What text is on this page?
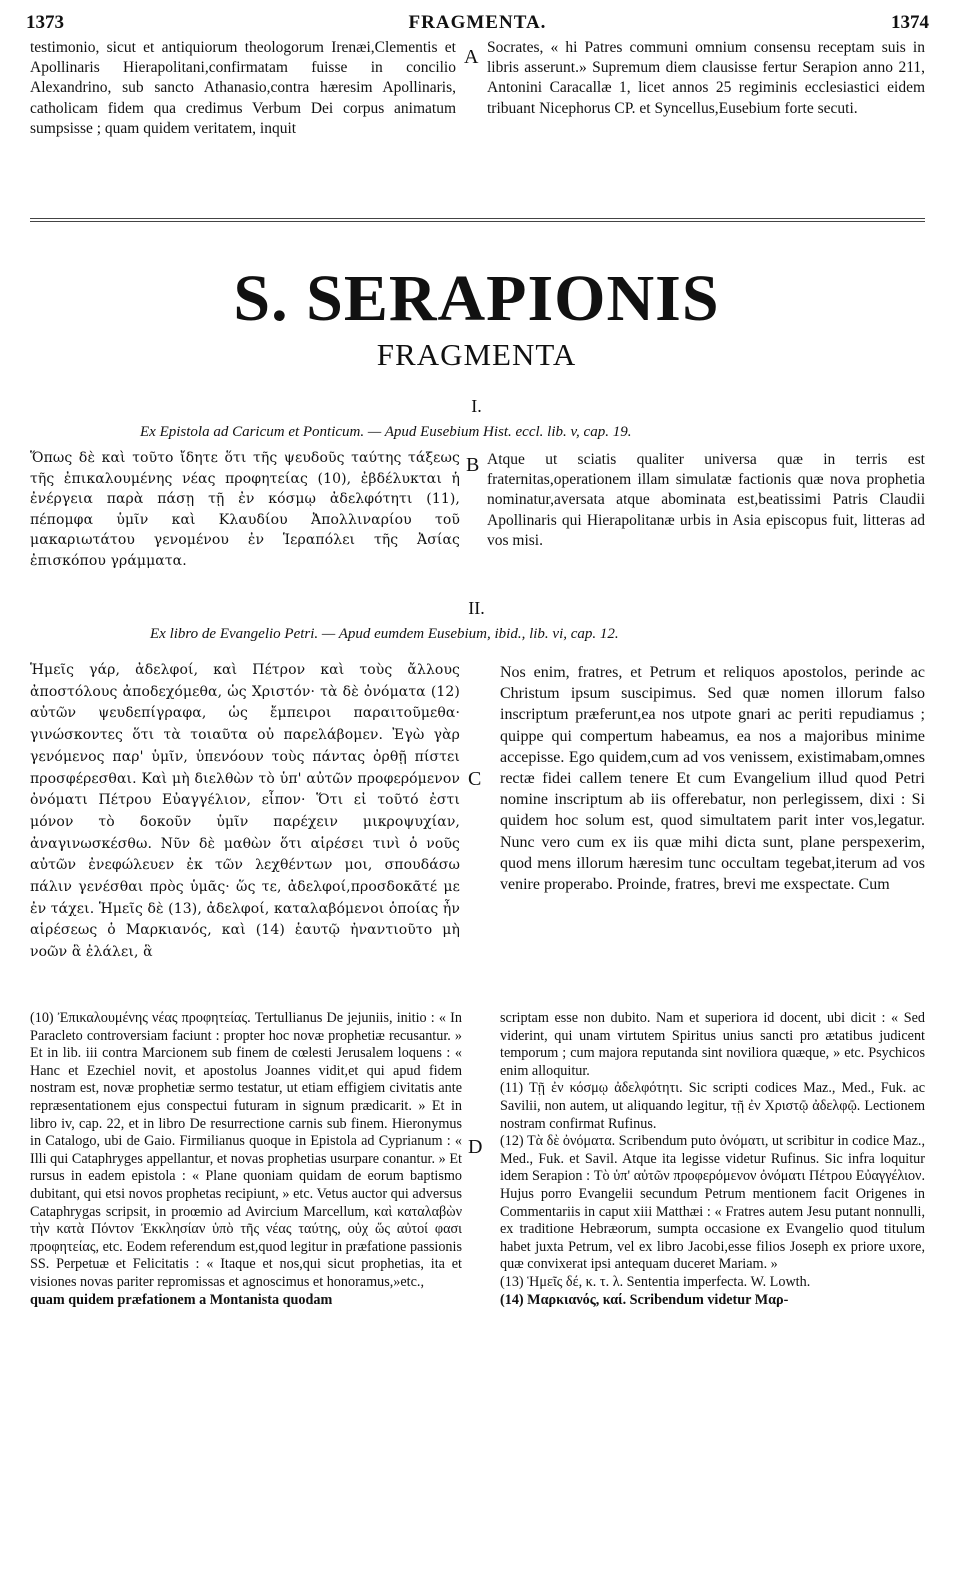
1373	FRAGMENTA.	1374

testimonio, sicut et antiquiorum theologorum Irenæi,Clementis et Apollinaris Hierapolitani,confirmatam fuisse in concilio Alexandrino, sub sancto Athanasio,contra hæresim Apollinaris, catholicam fidem qua credimus Verbum Dei corpus animatum sumpsisse ; quam quidem veritatem, inquit

A Socrates, « hi Patres communi omnium consensu receptam suis in libris asserunt.» Supremum diem clausisse fertur Serapion anno 211, Antonini Caracallæ 1, licet annos 25 regiminis ecclesiastici eidem tribuant Nicephorus CP. et Syncellus,Eusebium forte secuti.

S. SERAPIONIS
FRAGMENTA
I.
Ex Epistola ad Caricum et Ponticum. — Apud Eusebium Hist. eccl. lib. v, cap. 19.

Ὅπως δὲ καὶ τοῦτο ἴδητε ὅτι τῆς ψευδοῦς ταύτης τάξεως τῆς ἐπικαλουμένης νέας προφητείας (10), ἐβδέλυκται ἡ ἐνέργεια παρὰ πάσῃ τῇ ἐν κόσμῳ ἀδελφότητι (11), πέπομφα ὑμῖν καὶ Κλαυδίου Ἀπολλιναρίου τοῦ μακαριωτάτου γενομένου ἐν Ἱεραπόλει τῆς Ἀσίας ἐπισκόπου γράμματα.

B Atque ut sciatis qualiter universa quæ in terris est fraternitas,operationem illam simulatæ factionis quæ nova prophetia nominatur,aversata atque abominata est,beatissimi Patris Claudii Apollinaris qui Hierapolitanæ urbis in Asia episcopus fuit, litteras ad vos misi.

II.
Ex libro de Evangelio Petri. — Apud eumdem Eusebium, ibid., lib. vi, cap. 12.

Ἡμεῖς γάρ, ἀδελφοί, καὶ Πέτρον καὶ τοὺς ἄλλους ἀποστόλους ἀποδεχόμεθα, ὡς Χριστόν· τὰ δὲ ὀνόματα (12) αὐτῶν ψευδεπίγραφα, ὡς ἔμπειροι παραιτοῦμεθα· γινώσκοντες ὅτι τὰ τοιαῦτα οὐ παρελάβομεν. Ἐγὼ γὰρ γενόμενος παρ' ὑμῖν, ὑπενόουν τοὺς πάντας ὀρθῇ πίστει προσφέρεσθαι. Καὶ μὴ διελθὼν τὸ ὑπ' αὐτῶν προφερόμενον ὀνόματι Πέτρου Εὐαγγέλιον, εἶπον· Ὅτι εἰ τοῦτό ἐστι μόνον τὸ δοκοῦν ὑμῖν παρέχειν μικροψυχίαν, ἀναγινωσκέσθω. Νῦν δὲ μαθὼν ὅτι αἱρέσει τινὶ ὁ νοῦς αὐτῶν ἐνεφώλευεν ἐκ τῶν λεχθέντων μοι, σπουδάσω πάλιν γενέσθαι πρὸς ὑμᾶς· ὥς τε, ἀδελφοί,προσδοκᾶτέ με ἐν τάχει. Ἡμεῖς δὲ (13), ἀδελφοί, καταλαβόμενοι ὁποίας ἦν αἱρέσεως ὁ Μαρκιανός, καὶ (14) ἑαυτῷ ἠναντιοῦτο μὴ νοῶν ἃ ἐλάλει, ἃ

C

Nos enim, fratres, et Petrum et reliquos apostolos, perinde ac Christum ipsum suscipimus. Sed quæ nomen illorum falso inscriptum præferunt,ea nos utpote gnari ac periti repudiamus ; quippe qui compertum habeamus, ea nos a majoribus minime accepisse. Ego quidem,cum ad vos venissem, existimabam,omnes rectæ fidei callem tenere Et cum Evangelium illud quod Petri nomine inscriptum ab iis offerebatur, non perlegissem, dixi : Si quidem hoc solum est, quod simultatem parit inter vos,legatur. Nunc vero cum ex iis quæ mihi dicta sunt, plane perspexerim, quod mens illorum hæresim tunc occultam tegebat,iterum ad vos venire properabo. Proinde, fratres, brevi me exspectate. Cum

(10) Ἐπικαλουμένης νέας προφητείας. Tertullianus De jejuniis, initio : « In Paracleto controversiam faciunt : propter hoc novæ prophetiæ recusantur. » Et in lib. iii contra Marcionem sub finem de cœlesti Jerusalem loquens : « Hanc et Ezechiel novit, et apostolus Joannes vidit,et qui apud fidem nostram est, novæ prophetiæ sermo testatur, ut etiam effigiem civitatis ante repræsentationem ejus conspectui futuram in signum prædicarit. » Et in libro iv, cap. 22, et in libro De resurrectione carnis sub finem. Hieronymus in Catalogo, ubi de Gaio. Firmilianus quoque in Epistola ad Cyprianum : « Illi qui Cataphryges appellantur, et novas prophetias usurpare conantur. » Et rursus in eadem epistola : « Plane quoniam quidam de eorum baptismo dubitant, qui etsi novos prophetas recipiunt, » etc. Vetus auctor qui adversus Cataphrygas scripsit, in proœmio ad Avircium Marcellum, καὶ καταλαβὼν τὴν κατὰ Πόντον Ἐκκλησίαν ὑπὸ τῆς νέας ταύτης, οὐχ ὥς αὐτοί φασι προφητείας, etc. Eodem referendum est,quod legitur in præfatione passionis SS. Perpetuæ et Felicitatis : « Itaque et nos,qui sicut prophetias, ita et visiones novas pariter repromissas et agnoscimus et honoramus,»etc.,

quam quidem præfationem a Montanista quodam

D

scriptam esse non dubito. Nam et superiora id docent, ubi dicit : « Sed viderint, qui unam virtutem Spiritus unius sancti pro ætatibus judicent temporum ; cum majora reputanda sint noviliora quæque, » etc. Psychicos enim alloquitur.

(11) Τῇ ἐν κόσμῳ ἀδελφότητι. Sic scripti codices Maz., Med., Fuk. ac Savilii, non autem, ut aliquando legitur, τῇ ἐν Χριστῷ ἀδελφῷ. Lectionem nostram confirmat Rufinus.

(12) Τὰ δὲ ὀνόματα. Scribendum puto ὀνόματι, ut scribitur in codice Maz., Med., Fuk. et Savil. Atque ita legisse videtur Rufinus. Sic infra loquitur idem Serapion : Τὸ ὑπ' αὐτῶν προφερόμενον ὀνόματι Πέτρου Εὐαγγέλιον. Hujus porro Evangelii secundum Petrum mentionem facit Origenes in Commentariis in caput xiii Matthæi : « Fratres autem Jesu putant nonnulli, ex traditione Hebræorum, sumpta occasione ex Evangelio quod titulum habet juxta Petrum, vel ex libro Jacobi,esse filios Joseph ex priore uxore, quæ convixerat ipsi antequam duceret Mariam. »

(13) Ἡμεῖς δέ, κ. τ. λ. Sententia imperfecta. W. Lowth.

(14) Μαρκιανός, καί. Scribendum videtur Μαρ-
